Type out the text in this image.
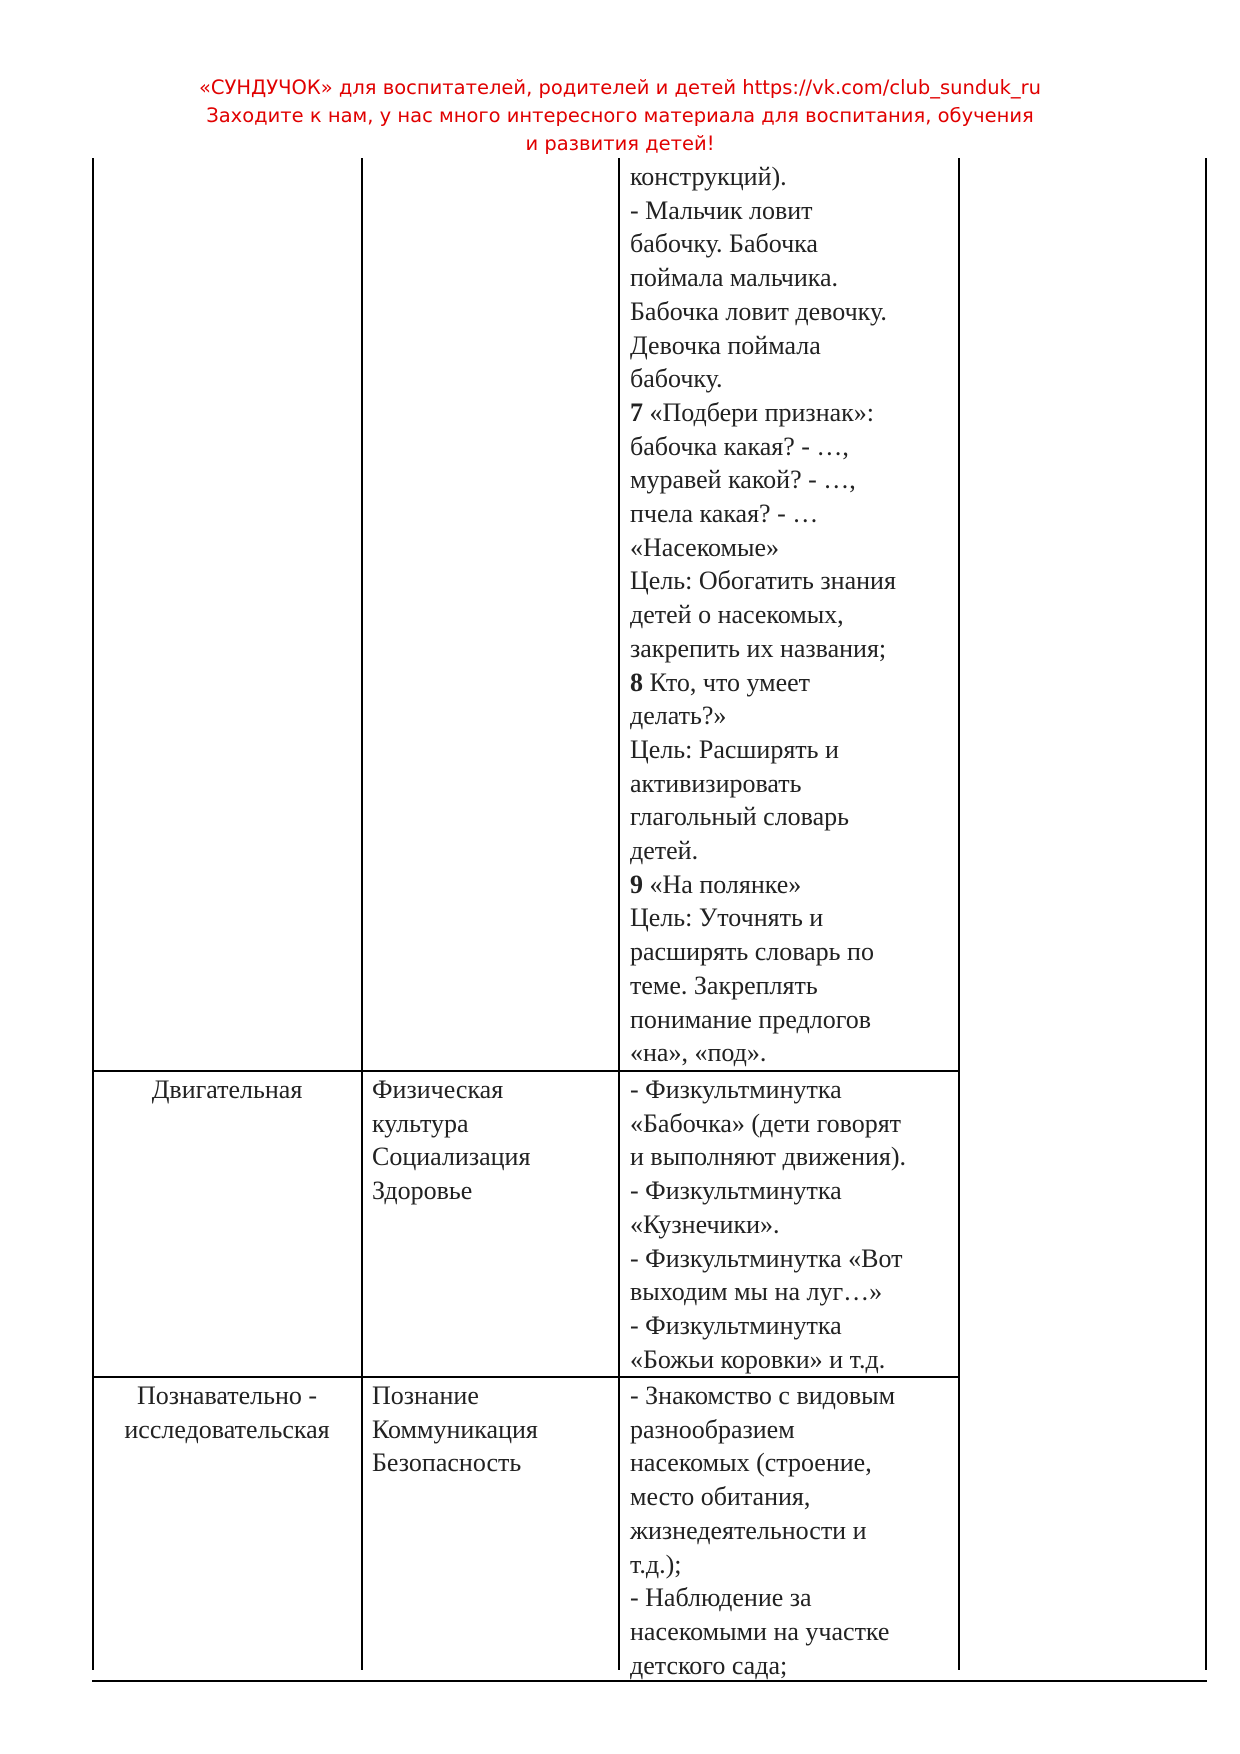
«СУНДУЧОК» для воспитателей, родителей и детей https://vk.com/club_sunduk_ru
Заходите к нам, у нас много интересного материала для воспитания, обучения
и развития детей!

конструкций).

- Мальчик ловит

бабочку. Бабочка

поймала мальчика.

Бабочка ловит девочку.

Девочка поймала

бабочку.

7 «Подбери признак»:

бабочка какая? - …,

муравей какой? - …,

пчела какая? - …

«Насекомые»

Цель: Обогатить знания

детей о насекомых,

закрепить их названия;

8 Кто, что умеет

делать?»

Цель: Расширять и

активизировать

глагольный словарь

детей.

9 «На полянке»

Цель: Уточнять и

расширять словарь по

теме. Закреплять

понимание предлогов

«на», «под».

Двигательная	Физическая

культура

Социализация

Здоровье

- Физкультминутка

«Бабочка» (дети говорят

и выполняют движения).

- Физкультминутка

«Кузнечики».

- Физкультминутка «Вот

выходим мы на луг…»

- Физкультминутка

«Божьи коровки» и т.д.

Познавательно -
исследовательская

Познание

Коммуникация

Безопасность

- Знакомство с видовым

разнообразием

насекомых (строение,

место обитания,

жизнедеятельности и

т.д.);

- Наблюдение за

насекомыми на участке

детского сада;
